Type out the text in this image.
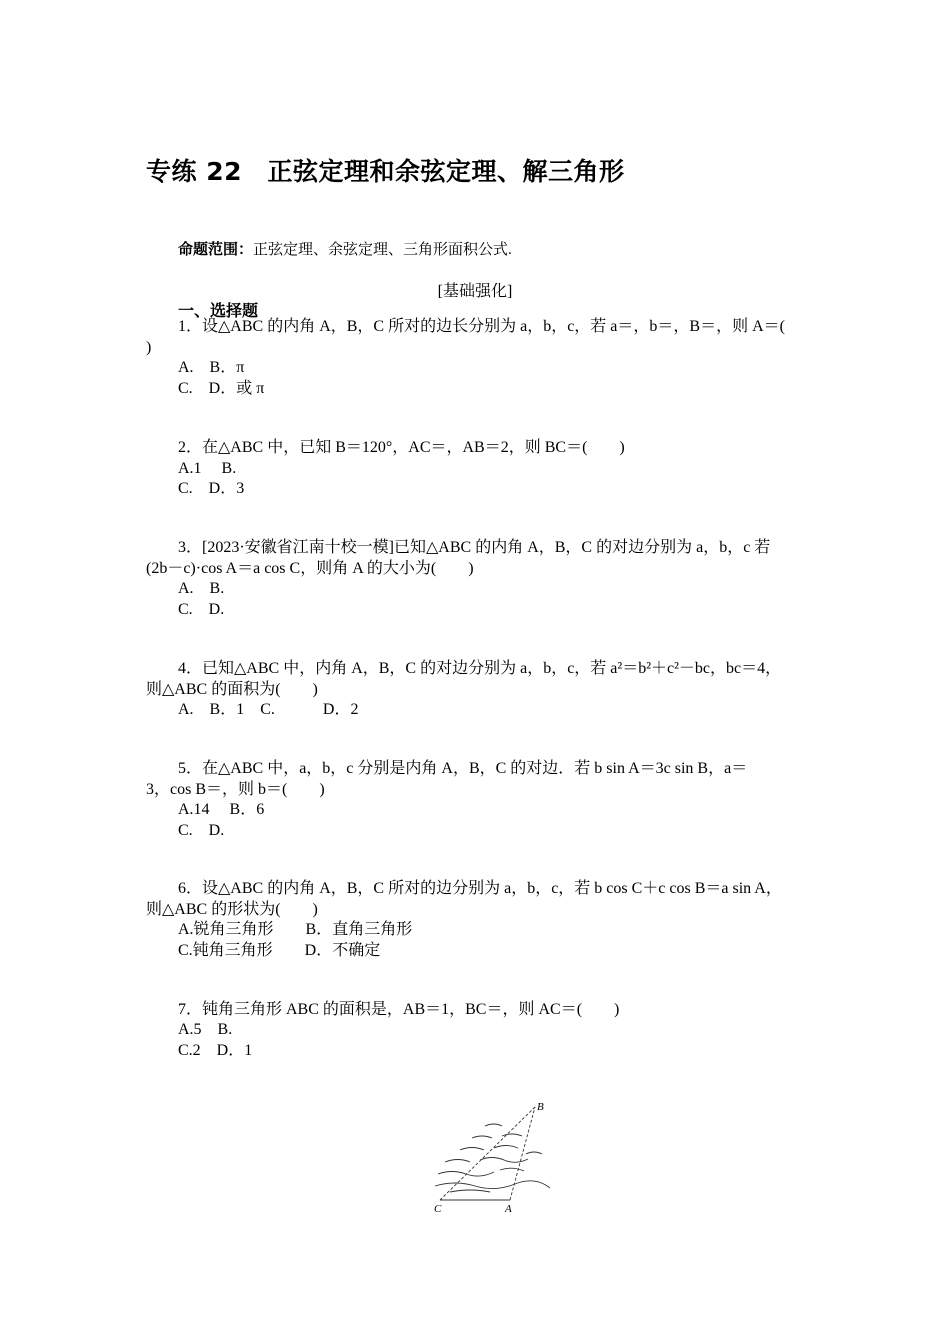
专练 22　正弦定理和余弦定理、解三角形
命题范围：正弦定理、余弦定理、三角形面积公式.
[基础强化]
一、选择题
1．设△ABC 的内角 A，B，C 所对的边长分别为 a，b，c，若 a＝，b＝，B＝，则 A＝(
)
A.　B．π
C.　D．或 π
2．在△ABC 中，已知 B＝120°，AC＝，AB＝2，则 BC＝(　　)
A.1　 B.
C.　D．3
3．[2023·安徽省江南十校一模]已知△ABC 的内角 A，B，C 的对边分别为 a，b，c 若
(2b－c)·cos A＝a cos C，则角 A 的大小为(　　)
A.　B.
C.　D.
4．已知△ABC 中，内角 A，B，C 的对边分别为 a，b，c，若 a²＝b²＋c²－bc，bc＝4，
则△ABC 的面积为(　　)
A.　B．1　C.　　　D．2
5．在△ABC 中，a，b，c 分别是内角 A，B，C 的对边．若 b sin A＝3c sin B，a＝
3，cos B＝，则 b＝(　　)
A.14　 B．6
C.　D.
6．设△ABC 的内角 A，B，C 所对的边分别为 a，b，c，若 b cos C＋c cos B＝a sin A，
则△ABC 的形状为(　　)
A.锐角三角形　　B．直角三角形
C.钝角三角形　　D．不确定
7．钝角三角形 ABC 的面积是，AB＝1，BC＝，则 AC＝(　　)
A.5　B.
C.2　D．1
B
C	A
